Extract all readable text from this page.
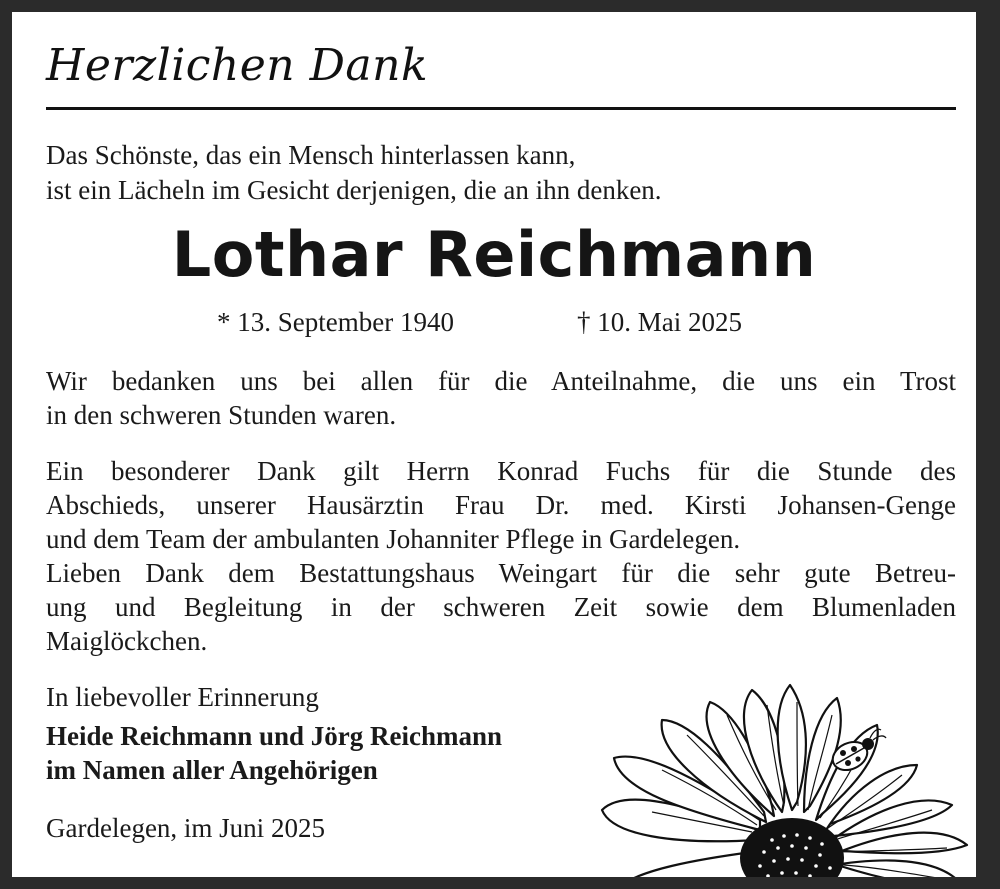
Herzlichen Dank
Das Schönste, das ein Mensch hinterlassen kann,
ist ein Lächeln im Gesicht derjenigen, die an ihn denken.
Lothar Reichmann
* 13. September 1940	† 10. Mai 2025
Wir bedanken uns bei allen für die Anteilnahme, die uns ein Trost
in den schweren Stunden waren.
Ein besonderer Dank gilt Herrn Konrad Fuchs für die Stunde des
Abschieds, unserer Hausärztin Frau Dr. med. Kirsti Johansen-Genge
und dem Team der ambulanten Johanniter Pflege in Gardelegen.
Lieben Dank dem Bestattungshaus Weingart für die sehr gute Betreu-
ung und Begleitung in der schweren Zeit sowie dem Blumenladen
Maiglöckchen.
In liebevoller Erinnerung
Heide Reichmann und Jörg Reichmann
im Namen aller Angehörigen
Gardelegen, im Juni 2025
